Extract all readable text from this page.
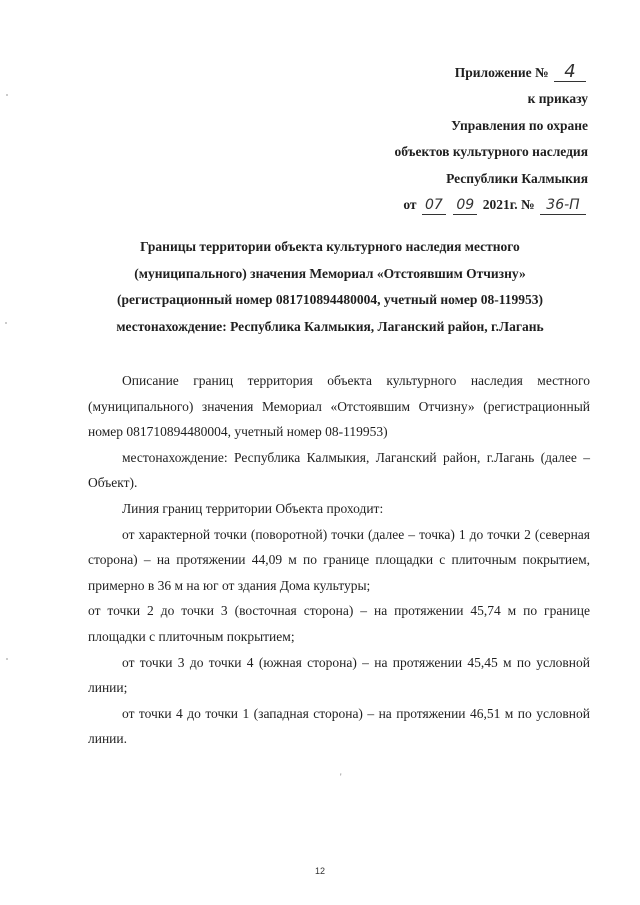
Приложение № 4
к приказу
Управления по охране
объектов культурного наследия
Республики Калмыкия
от 07 09 2021г. № 36-П
Границы территории объекта культурного наследия местного
(муниципального) значения Мемориал «Отстоявшим Отчизну»
(регистрационный номер 081710894480004, учетный номер 08-119953)
местонахождение: Республика Калмыкия, Лаганский район, г.Лагань

Описание границ территория объекта культурного наследия местного (муниципального) значения Мемориал «Отстоявшим Отчизну» (регистрационный номер 081710894480004, учетный номер 08-119953)

местонахождение: Республика Калмыкия, Лаганский район, г.Лагань (далее – Объект).

Линия границ территории Объекта проходит:

от характерной точки (поворотной) точки (далее – точка) 1 до точки 2 (северная сторона) – на протяжении 44,09 м по границе площадки с плиточным покрытием, примерно в 36 м на юг от здания Дома культуры;

от точки 2 до точки 3 (восточная сторона) – на протяжении 45,74 м по границе площадки с плиточным покрытием;

от точки 3 до точки 4 (южная сторона) – на протяжении 45,45 м по условной линии;

от точки 4 до точки 1 (западная сторона) – на протяжении 46,51 м по условной линии.

'
12
